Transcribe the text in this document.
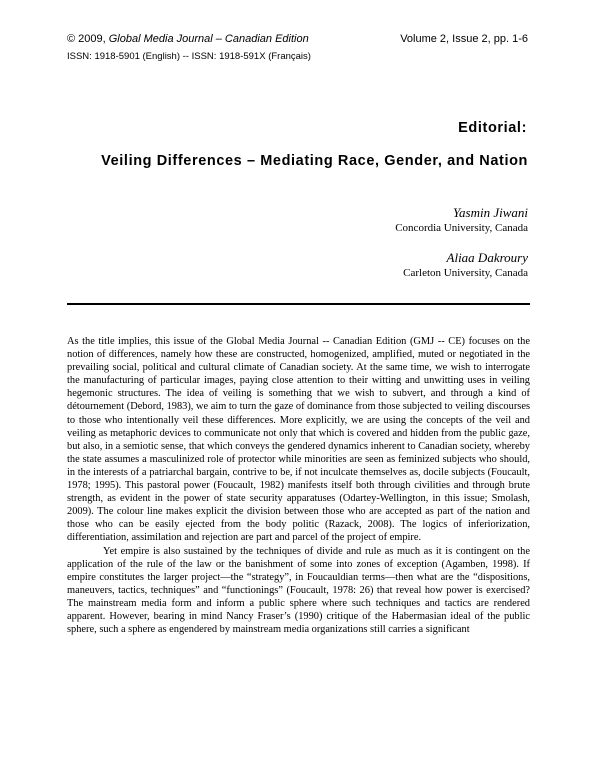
© 2009, Global Media Journal – Canadian Edition	Volume 2, Issue 2, pp. 1-6
ISSN: 1918-5901 (English) -- ISSN: 1918-591X (Français)
Editorial:
Veiling Differences – Mediating Race, Gender, and Nation
Yasmin Jiwani
Concordia University, Canada
Aliaa Dakroury
Carleton University, Canada

As the title implies, this issue of the Global Media Journal -- Canadian Edition (GMJ -- CE) focuses on the notion of differences, namely how these are constructed, homogenized, amplified, muted or negotiated in the prevailing social, political and cultural climate of Canadian society. At the same time, we wish to interrogate the manufacturing of particular images, paying close attention to their witting and unwitting uses in veiling hegemonic structures. The idea of veiling is something that we wish to subvert, and through a kind of détournement (Debord, 1983), we aim to turn the gaze of dominance from those subjected to veiling discourses to those who intentionally veil these differences. More explicitly, we are using the concepts of the veil and veiling as metaphoric devices to communicate not only that which is covered and hidden from the public gaze, but also, in a semiotic sense, that which conveys the gendered dynamics inherent to Canadian society, whereby the state assumes a masculinized role of protector while minorities are seen as feminized subjects who should, in the interests of a patriarchal bargain, contrive to be, if not inculcate themselves as, docile subjects (Foucault, 1978; 1995). This pastoral power (Foucault, 1982) manifests itself both through civilities and through brute strength, as evident in the power of state security apparatuses (Odartey-Wellington, in this issue; Smolash, 2009). The colour line makes explicit the division between those who are accepted as part of the nation and those who can be easily ejected from the body politic (Razack, 2008). The logics of inferiorization, differentiation, assimilation and rejection are part and parcel of the project of empire.

Yet empire is also sustained by the techniques of divide and rule as much as it is contingent on the application of the rule of the law or the banishment of some into zones of exception (Agamben, 1998). If empire constitutes the larger project—the “strategy”, in Foucauldian terms—then what are the “dispositions, maneuvers, tactics, techniques” and “functionings” (Foucault, 1978: 26) that reveal how power is exercised? The mainstream media form and inform a public sphere where such techniques and tactics are rendered apparent. However, bearing in mind Nancy Fraser’s (1990) critique of the Habermasian ideal of the public sphere, such a sphere as engendered by mainstream media organizations still carries a significant
